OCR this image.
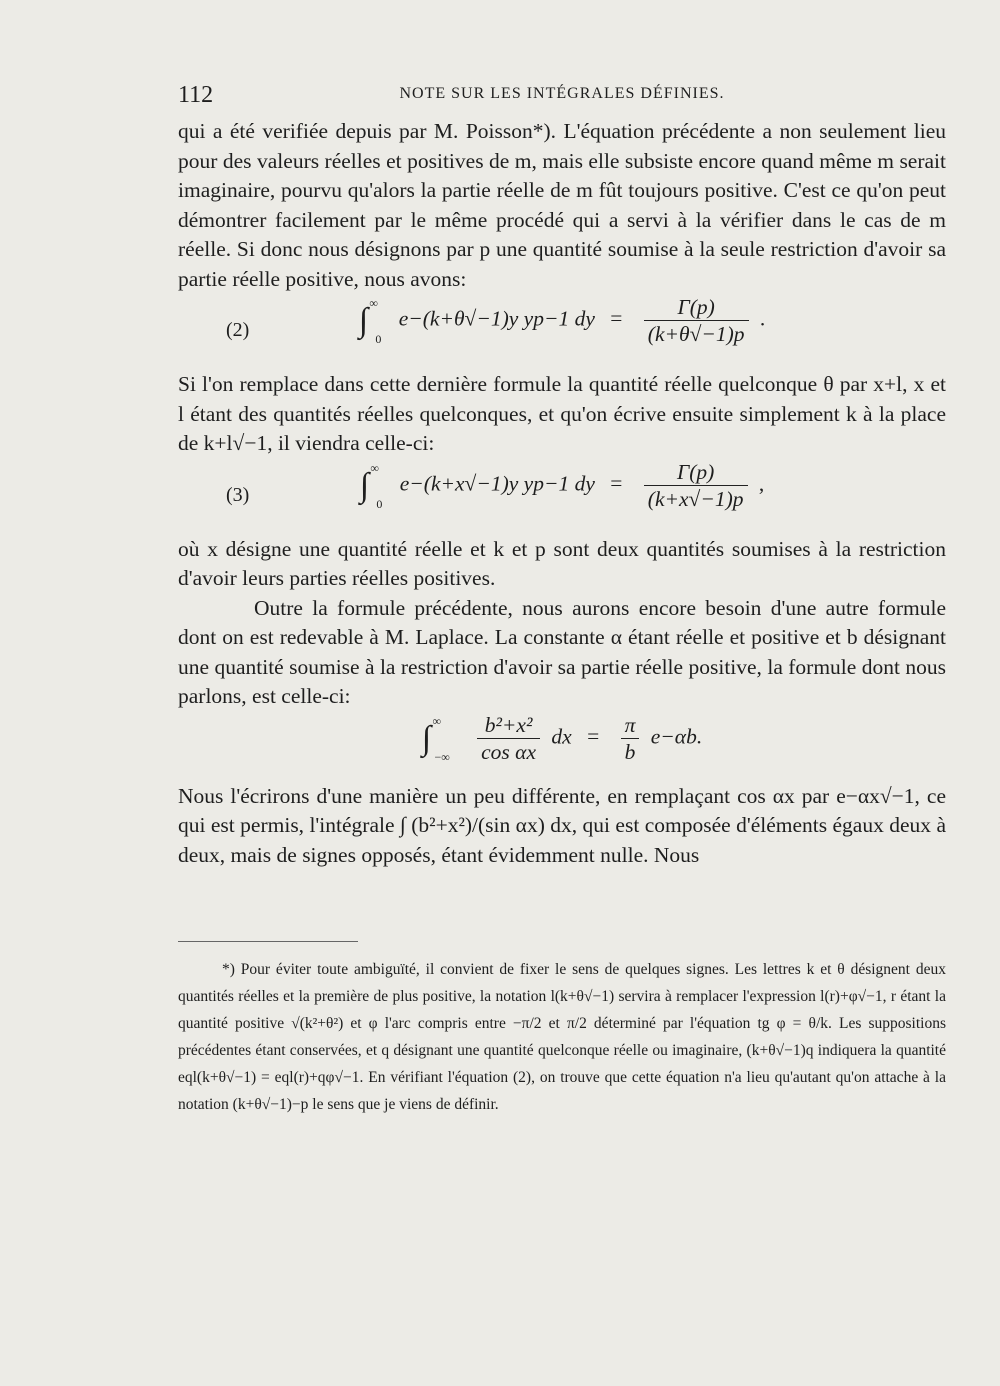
112	NOTE SUR LES INTÉGRALES DÉFINIES.

qui a été verifiée depuis par M. Poisson*). L'équation précédente a non seulement lieu pour des valeurs réelles et positives de m, mais elle subsiste encore quand même m serait imaginaire, pourvu qu'alors la partie réelle de m fût toujours positive. C'est ce qu'on peut démontrer facilement par le même procédé qui a servi à la vérifier dans le cas de m réelle. Si donc nous désignons par p une quantité soumise à la seule restriction d'avoir sa partie réelle positive, nous avons:

(2)	∫ ∞ $_0$ e−(k+θ√−1)y yp−1 dy = $\frac{\Gamma(p)}{(k+\theta√-1)p}$ .

Si l'on remplace dans cette dernière formule la quantité réelle quelconque θ par x+l, x et l étant des quantités réelles quelconques, et qu'on écrive ensuite simplement k à la place de k+l√−1, il viendra celle-ci:

(3)	∫ ∞ $_0$ e−(k+x√−1)y yp−1 dy = $\frac{\Gamma(p)}{(k+x√-1)p}$ ,

où x désigne une quantité réelle et k et p sont deux quantités soumises à la restriction d'avoir leurs parties réelles positives.

Outre la formule précédente, nous aurons encore besoin d'une autre formule dont on est redevable à M. Laplace. La constante α étant réelle et positive et b désignant une quantité soumise à la restriction d'avoir sa partie réelle positive, la formule dont nous parlons, est celle-ci:

∫ ∞ $_{-\infty} \frac{\text{b²+x²}}{\text{cos αx}}$ dx = $\frac{\pi}{b} e-\alpha b$.

Nous l'écrirons d'une manière un peu différente, en remplaçant cos αx par e−αx√−1, ce qui est permis, l'intégrale ∫ (b²+x²)/(sin αx) dx, qui est composée d'éléments égaux deux à deux, mais de signes opposés, étant évidemment nulle. Nous

*) Pour éviter toute ambiguïté, il convient de fixer le sens de quelques signes. Les lettres k et θ désignent deux quantités réelles et la première de plus positive, la notation l(k+θ√−1) servira à remplacer l'expression l(r)+φ√−1, r étant la quantité positive √(k²+θ²) et φ l'arc compris entre −π/2 et π/2 déterminé par l'équation tg φ = θ/k. Les suppositions précédentes étant conservées, et q désignant une quantité quelconque réelle ou imaginaire, (k+θ√−1)q indiquera la quantité eql(k+θ√−1) = eql(r)+qφ√−1. En vérifiant l'équation (2), on trouve que cette équation n'a lieu qu'autant qu'on attache à la notation (k+θ√−1)−p le sens que je viens de définir.
